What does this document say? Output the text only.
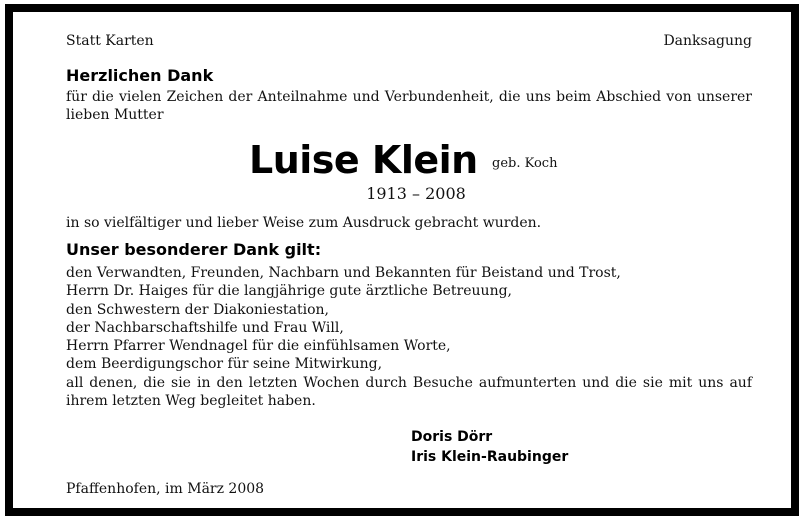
Statt Karten	Danksagung
Herzlichen Dank
für die vielen Zeichen der Anteilnahme und Verbundenheit, die uns beim Abschied von unserer lieben Mutter
Luise Klein geb. Koch
1913 – 2008
in so vielfältiger und lieber Weise zum Ausdruck gebracht wurden.
Unser besonderer Dank gilt:
den Verwandten, Freunden, Nachbarn und Bekannten für Beistand und Trost,
Herrn Dr. Haiges für die langjährige gute ärztliche Betreuung,
den Schwestern der Diakoniestation,
der Nachbarschaftshilfe und Frau Will,
Herrn Pfarrer Wendnagel für die einfühlsamen Worte,
dem Beerdigungschor für seine Mitwirkung,
all denen, die sie in den letzten Wochen durch Besuche aufmunterten und die sie mit uns auf ihrem letzten Weg begleitet haben.
Doris Dörr
Iris Klein-Raubinger
Pfaffenhofen, im März 2008
